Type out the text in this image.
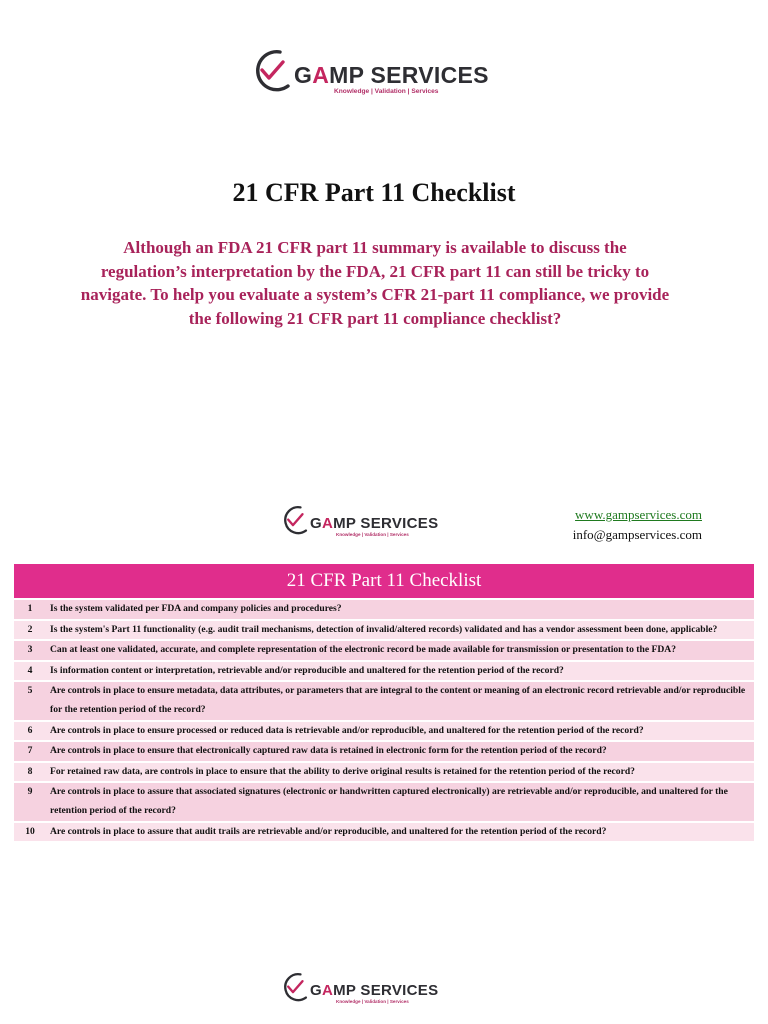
GAMP SERVICES
Knowledge | Validation | Services
21 CFR Part 11 Checklist

Although an FDA 21 CFR part 11 summary is available to discuss the regulation’s interpretation by the FDA, 21 CFR part 11 can still be tricky to navigate. To help you evaluate a system’s CFR 21-part 11 compliance, we provide the following 21 CFR part 11 compliance checklist?

GAMP SERVICES
Knowledge | Validation | Services
www.gampservices.com
info@gampservices.com
21 CFR Part 11 Checklist
1	Is the system validated per FDA and company policies and procedures?
2	Is the system's Part 11 functionality (e.g. audit trail mechanisms, detection of invalid/altered records) validated and has a vendor assessment been done, applicable?
3	Can at least one validated, accurate, and complete representation of the electronic record be made available for transmission or presentation to the FDA?
4	Is information content or interpretation, retrievable and/or reproducible and unaltered for the retention period of the record?
5	Are controls in place to ensure metadata, data attributes, or parameters that are integral to the content or meaning of an electronic record retrievable and/or reproducible for the retention period of the record?
6	Are controls in place to ensure processed or reduced data is retrievable and/or reproducible, and unaltered for the retention period of the record?
7	Are controls in place to ensure that electronically captured raw data is retained in electronic form for the retention period of the record?
8	For retained raw data, are controls in place to ensure that the ability to derive original results is retained for the retention period of the record?
9	Are controls in place to assure that associated signatures (electronic or handwritten captured electronically) are retrievable and/or reproducible, and unaltered for the retention period of the record?
10	Are controls in place to assure that audit trails are retrievable and/or reproducible, and unaltered for the retention period of the record?
GAMP SERVICES
Knowledge | Validation | Services
